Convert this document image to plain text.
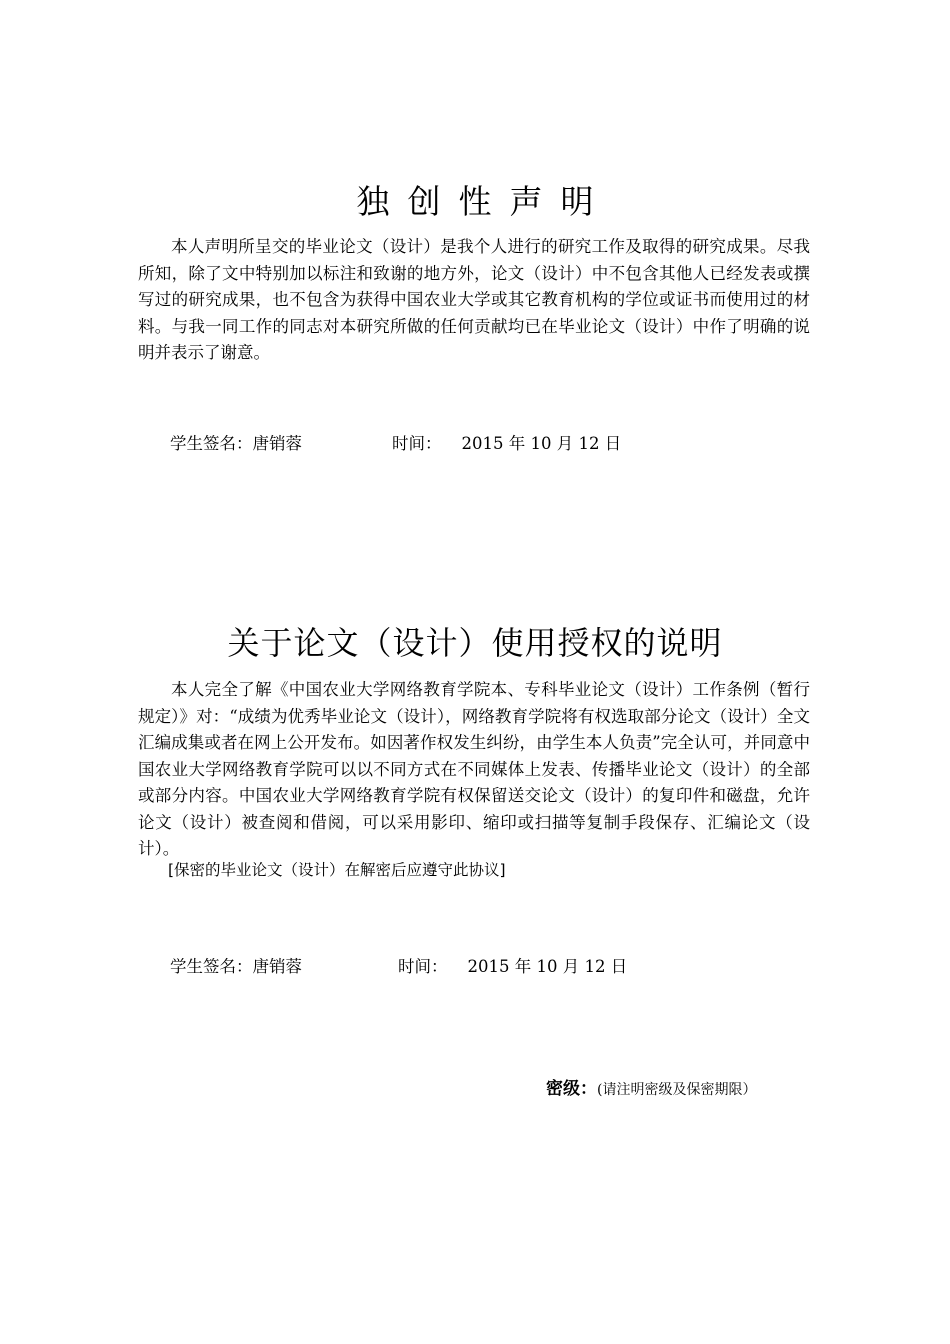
独创性声明

本人声明所呈交的毕业论文（设计）是我个人进行的研究工作及取得的研究成果。尽我所知，除了文中特别加以标注和致谢的地方外，论文（设计）中不包含其他人已经发表或撰写过的研究成果，也不包含为获得中国农业大学或其它教育机构的学位或证书而使用过的材料。与我一同工作的同志对本研究所做的任何贡献均已在毕业论文（设计）中作了明确的说明并表示了谢意。

学生签名：唐销蓉	时间： 2015 年 10 月 12 日
关于论文（设计）使用授权的说明

本人完全了解《中国农业大学网络教育学院本、专科毕业论文（设计）工作条例（暂行规定）》对：“成绩为优秀毕业论文（设计），网络教育学院将有权选取部分论文（设计）全文汇编成集或者在网上公开发布。如因著作权发生纠纷，由学生本人负责”完全认可，并同意中国农业大学网络教育学院可以以不同方式在不同媒体上发表、传播毕业论文（设计）的全部或部分内容。中国农业大学网络教育学院有权保留送交论文（设计）的复印件和磁盘，允许论文（设计）被查阅和借阅，可以采用影印、缩印或扫描等复制手段保存、汇编论文（设计）。

[保密的毕业论文（设计）在解密后应遵守此协议]
学生签名：唐销蓉	时间： 2015 年 10 月 12 日
密级：(请注明密级及保密期限）
